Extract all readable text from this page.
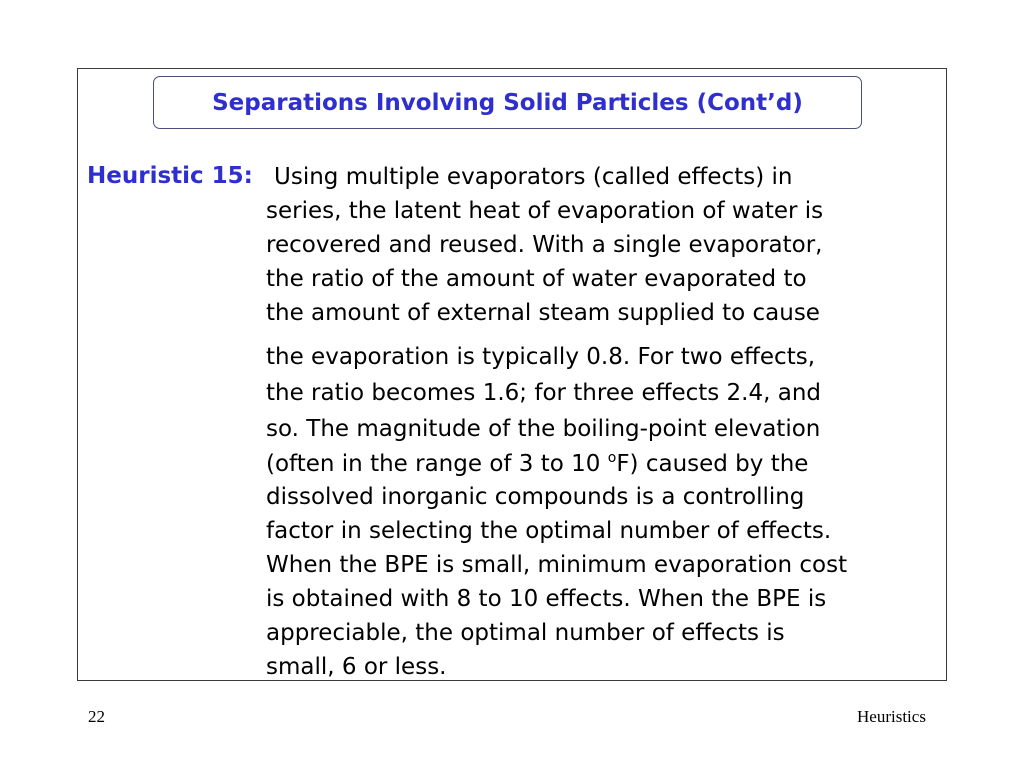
Separations Involving Solid Particles (Cont’d)
Heuristic 15: Using multiple evaporators (called effects) in
series, the latent heat of evaporation of water is
recovered and reused. With a single evaporator,
the ratio of the amount of water evaporated to
the amount of external steam supplied to cause
the evaporation is typically 0.8. For two effects,
the ratio becomes 1.6; for three effects 2.4, and
so. The magnitude of the boiling-point elevation
(often in the range of 3 to 10 $^o$F) caused by the
dissolved inorganic compounds is a controlling
factor in selecting the optimal number of effects.
When the BPE is small, minimum evaporation cost
is obtained with 8 to 10 effects. When the BPE is
appreciable, the optimal number of effects is
small, 6 or less.
22	Heuristics
